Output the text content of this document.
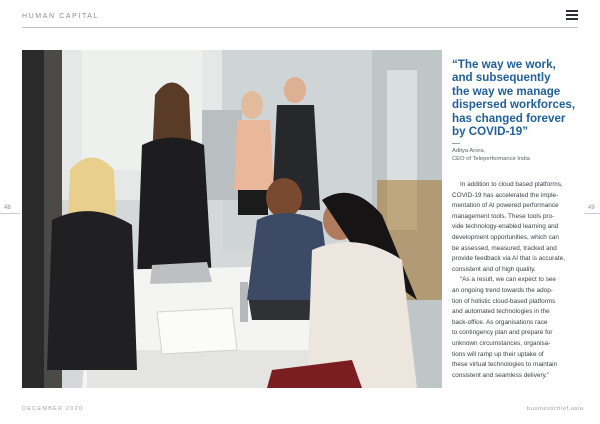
HUMAN CAPITAL
48	49
“The way we work,
and subsequently
the way we manage
dispersed workforces,
has changed forever
by COVID-19”
Aditya Arora,
CEO of Teleperformance India

In addition to cloud based platforms,
COVID-19 has accelerated the imple-
mentation of AI powered performance
management tools. These tools pro-
vide technology-enabled learning and
development opportunities, which can
be assessed, measured, tracked and
provide feedback via AI that is accurate,
consistent and of high quality.

“As a result, we can expect to see
an ongoing trend towards the adop-
tion of holistic cloud-based platforms
and automated technologies in the
back-office. As organisations race
to contingency plan and prepare for
unknown circumstances, organisa-
tions will ramp up their uptake of
these virtual technologies to maintain
consistent and seamless delivery.”

DECEMBER 2020	businesschief.asia
